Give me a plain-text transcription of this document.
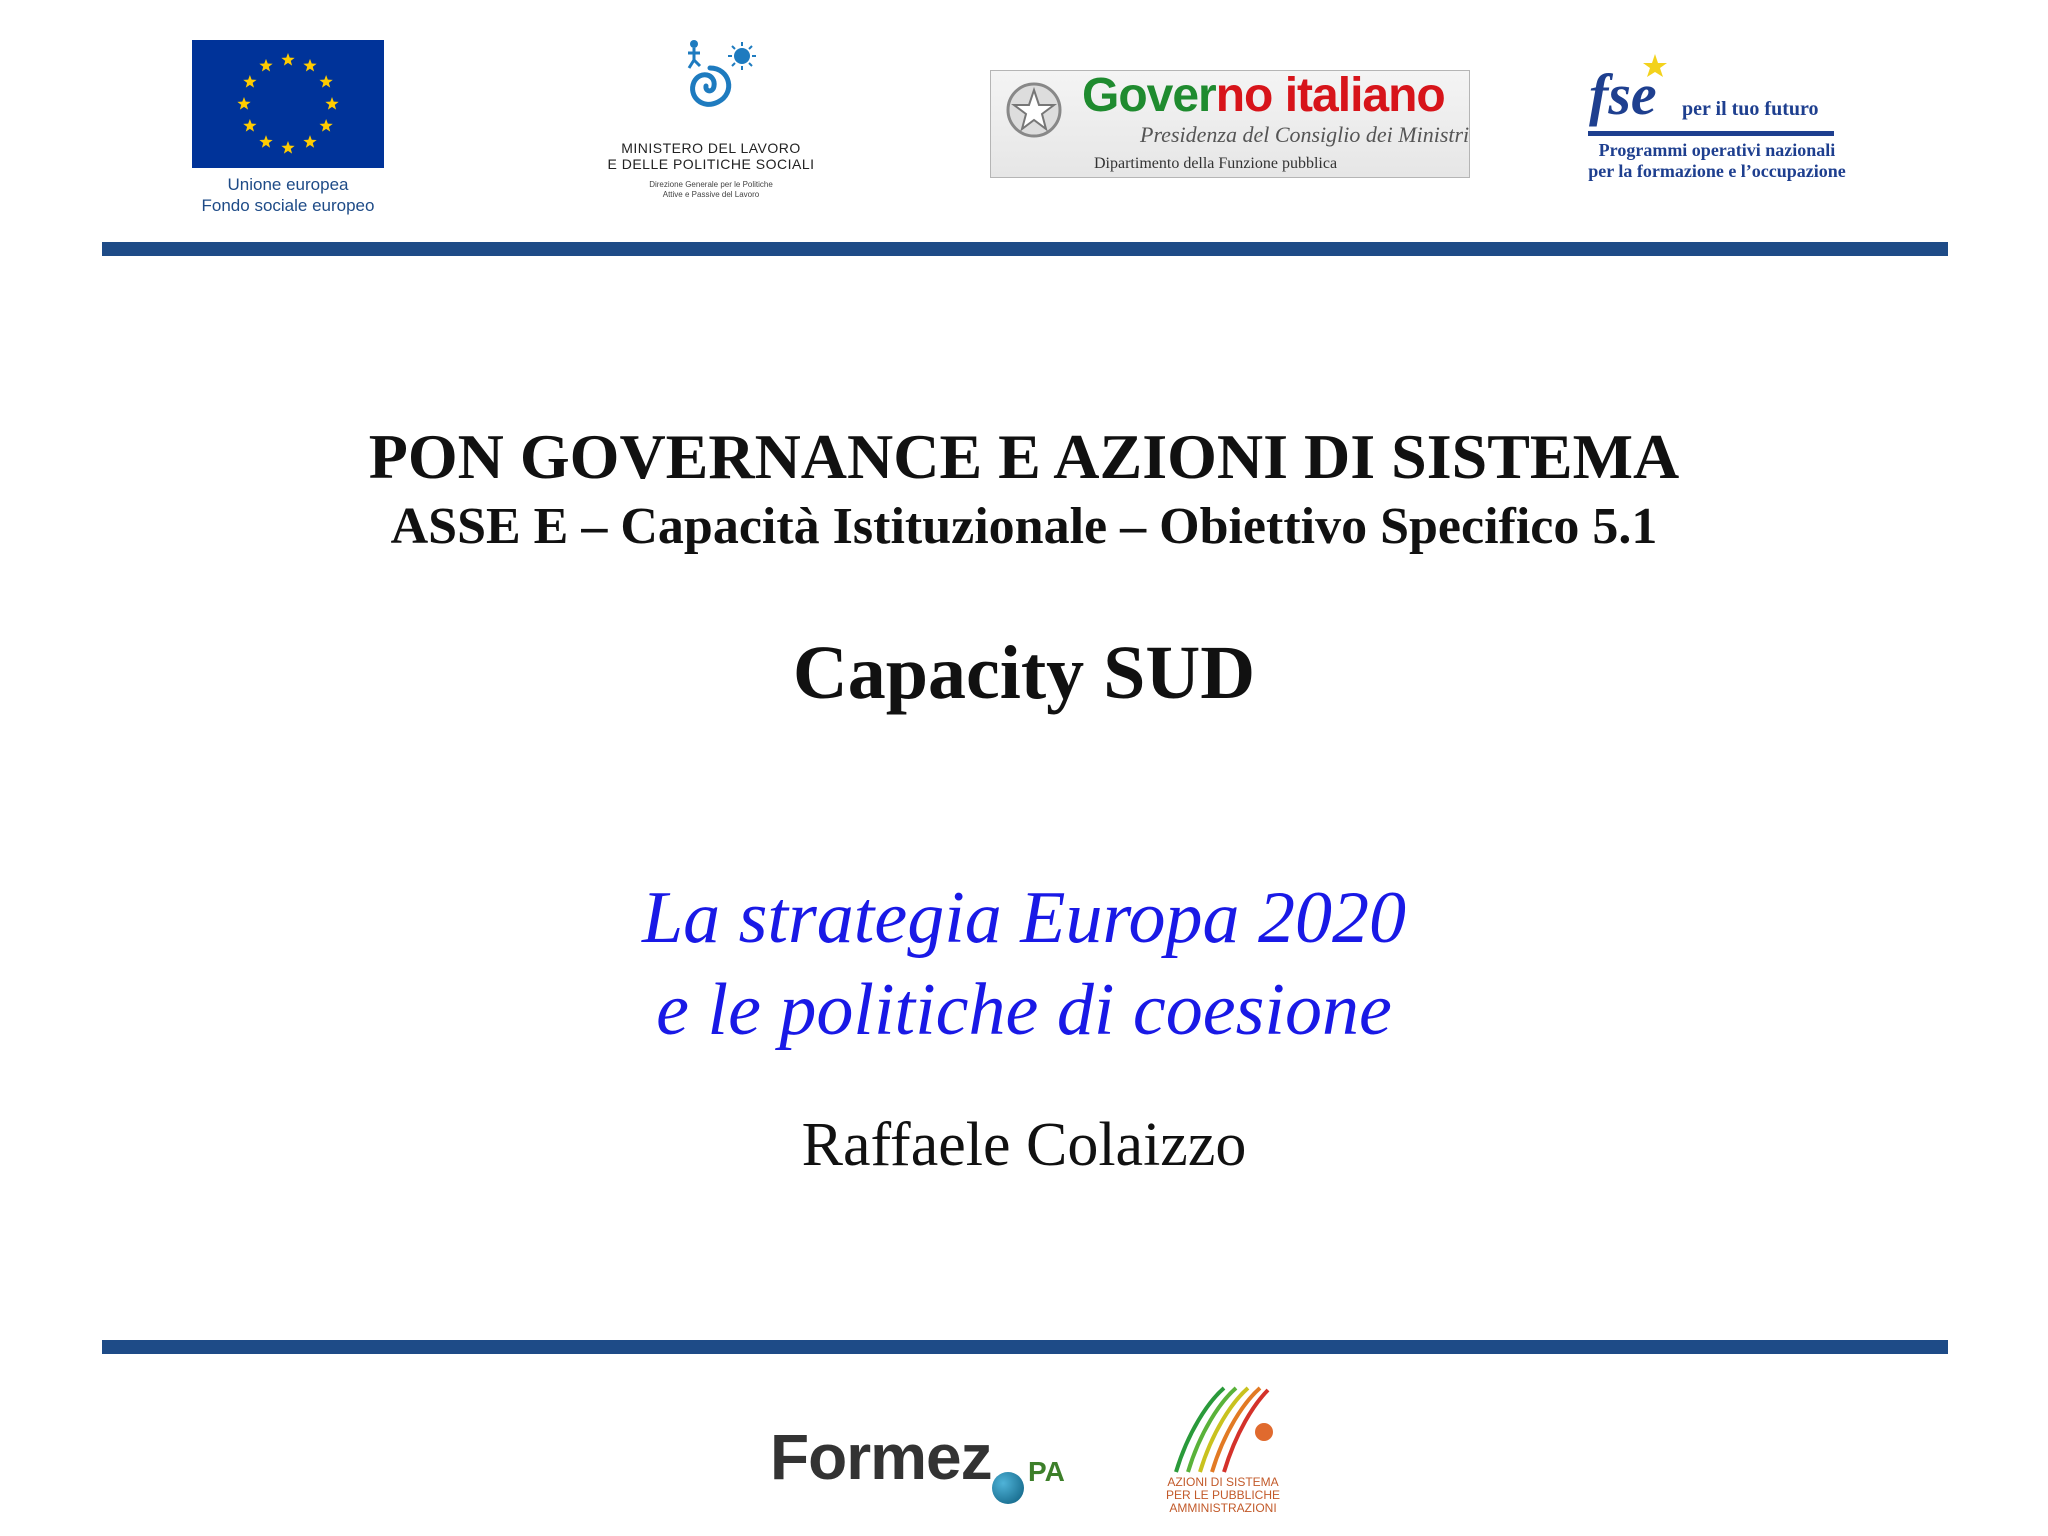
Unione europea
Fondo sociale europeo
MINISTERO DEL LAVORO
E DELLE POLITICHE SOCIALI
Direzione Generale per le Politiche
Attive e Passive del Lavoro
Governo italiano
Presidenza del Consiglio dei Ministri
Dipartimento della Funzione pubblica
fse per il tuo futuro
Programmi operativi nazionali
per la formazione e l’occupazione
PON GOVERNANCE E AZIONI DI SISTEMA
ASSE E – Capacità Istituzionale – Obiettivo Specifico 5.1
Capacity SUD
La strategia Europa 2020
e le politiche di coesione
Raffaele Colaizzo
Formez PA	AZIONI DI SISTEMA
PER LE PUBBLICHE
AMMINISTRAZIONI
